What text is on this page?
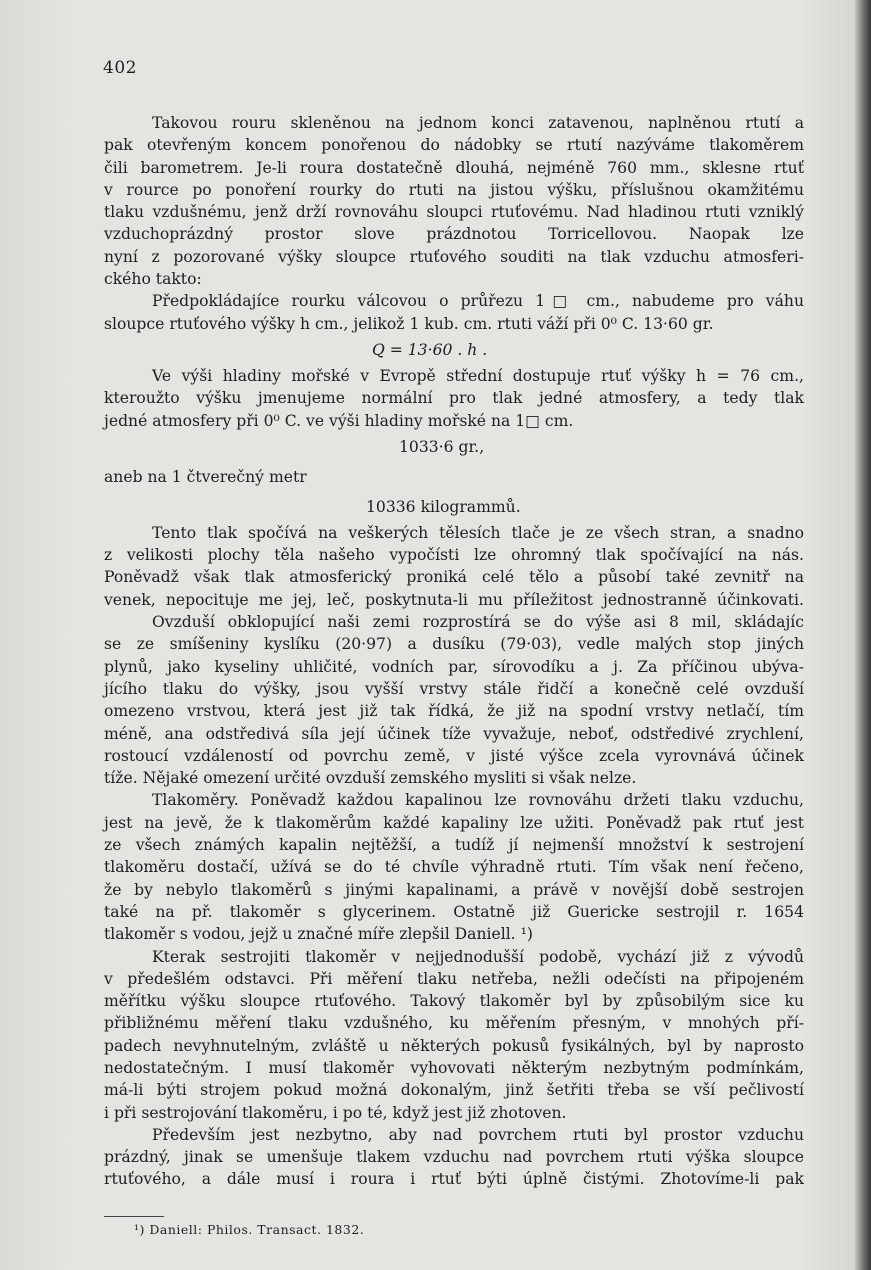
402
Takovou rouru skleněnou na jednom konci zatavenou, naplněnou rtutí a
pak otevřeným koncem ponořenou do nádobky se rtutí nazýváme tlakoměrem
čili barometrem. Je-li roura dostatečně dlouhá, nejméně 760 mm., sklesne rtuť
v rource po ponoření rourky do rtuti na jistou výšku, příslušnou okamžitému
tlaku vzdušnému, jenž drží rovnováhu sloupci rtuťovému. Nad hladinou rtuti vzniklý
vzduchoprázdný prostor slove prázdnotou Torricellovou. Naopak lze
nyní z pozorované výšky sloupce rtuťového souditi na tlak vzduchu atmosferi-
ckého takto:
Předpokládajíce rourku válcovou o průřezu 1□ cm., nabudeme pro váhu
sloupce rtuťového výšky h cm., jelikož 1 kub. cm. rtuti váží při 0⁰ C. 13·60 gr.
Q = 13·60 . h .
Ve výši hladiny mořské v Evropě střední dostupuje rtuť výšky h = 76 cm.,
kteroužto výšku jmenujeme normální pro tlak jedné atmosfery, a tedy tlak
jedné atmosfery při 0⁰ C. ve výši hladiny mořské na 1□ cm.
1033·6 gr.,
aneb na 1 čtverečný metr
10336 kilogrammů.
Tento tlak spočívá na veškerých tělesích tlače je ze všech stran, a snadno
z velikosti plochy těla našeho vypočísti lze ohromný tlak spočívající na nás.
Poněvadž však tlak atmosferický proniká celé tělo a působí také zevnitř na
venek, nepocituje me jej, leč, poskytnuta-li mu příležitost jednostranně účinkovati.
Ovzduší obklopující naši zemi rozprostírá se do výše asi 8 mil, skládajíc
se ze smíšeniny kyslíku (20·97) a dusíku (79·03), vedle malých stop jiných
plynů, jako kyseliny uhličité, vodních par, sírovodíku a j. Za příčinou ubýva-
jícího tlaku do výšky, jsou vyšší vrstvy stále řidčí a konečně celé ovzduší
omezeno vrstvou, která jest již tak řídká, že již na spodní vrstvy netlačí, tím
méně, ana odstředivá síla její účinek tíže vyvažuje, neboť, odstředivé zrychlení,
rostoucí vzdáleností od povrchu země, v jisté výšce zcela vyrovnává účinek
tíže. Nějaké omezení určité ovzduší zemského mysliti si však nelze.
Tlakoměry. Poněvadž každou kapalinou lze rovnováhu držeti tlaku vzduchu,
jest na jevě, že k tlakoměrům každé kapaliny lze užiti. Poněvadž pak rtuť jest
ze všech známých kapalin nejtěžší, a tudíž jí nejmenší množství k sestrojení
tlakoměru dostačí, užívá se do té chvíle výhradně rtuti. Tím však není řečeno,
že by nebylo tlakoměrů s jinými kapalinami, a právě v novější době sestrojen
také na př. tlakoměr s glycerinem. Ostatně již Guericke sestrojil r. 1654
tlakoměr s vodou, jejž u značné míře zlepšil Daniell. ¹)
Kterak sestrojiti tlakoměr v nejjednodušší podobě, vychází již z vývodů
v předešlém odstavci. Při měření tlaku netřeba, nežli odečísti na připojeném
měřítku výšku sloupce rtuťového. Takový tlakoměr byl by způsobilým sice ku
přibližnému měření tlaku vzdušného, ku měřením přesným, v mnohých pří-
padech nevyhnutelným, zvláště u některých pokusů fysikálných, byl by naprosto
nedostatečným. I musí tlakoměr vyhovovati některým nezbytným podmínkám,
má-li býti strojem pokud možná dokonalým, jinž šetřiti třeba se vší pečlivostí
i při sestrojování tlakoměru, i po té, když jest již zhotoven.
Především jest nezbytno, aby nad povrchem rtuti byl prostor vzduchu
prázdný, jinak se umenšuje tlakem vzduchu nad povrchem rtuti výška sloupce
rtuťového, a dále musí i roura i rtuť býti úplně čistými. Zhotovíme-li pak
¹) Daniell: Philos. Transact. 1832.
